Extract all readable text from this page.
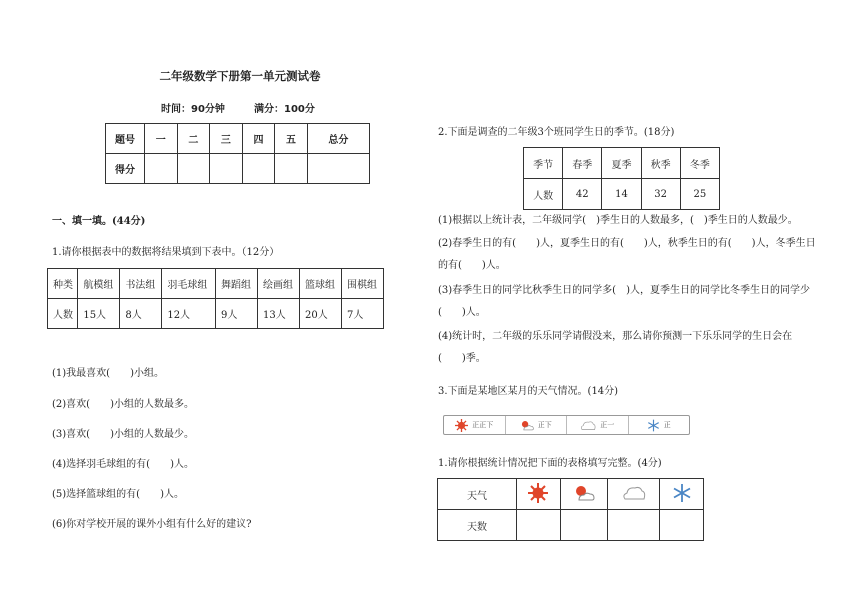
二年级数学下册第一单元测试卷
时间：90分钟	满分：100分
题号	一	二	三	四	五	总分
得分						
一、填一填。(44分)
1.请你根据表中的数据将结果填到下表中。（12分）
种类	航模组	书法组	羽毛球组	舞蹈组	绘画组	篮球组	围棋组
人数	15人	8人	12人	9人	13人	20人	7人
(1)我最喜欢(　　)小组。
(2)喜欢(　　)小组的人数最多。
(3)喜欢(　　)小组的人数最少。
(4)选择羽毛球组的有(　　)人。
(5)选择篮球组的有(　　)人。
(6)你对学校开展的课外小组有什么好的建议?
2.下面是调查的二年级3个班同学生日的季节。(18分)
季节	春季	夏季	秋季	冬季
人数	42	14	32	25
(1)根据以上统计表，二年级同学(　)季生日的人数最多，(　)季生日的人数最少。
(2)春季生日的有(　　)人，夏季生日的有(　　)人，秋季生日的有(　　)人，冬季生日的有(　　)人。
(3)春季生日的同学比秋季生日的同学多(　)人，夏季生日的同学比冬季生日的同学少(　　)人。
(4)统计时，二年级的乐乐同学请假没来，那么请你预测一下乐乐同学的生日会在(　　)季。
3.下面是某地区某月的天气情况。(14分)
正正下	正下	正一	正
1.请你根据统计情况把下面的表格填写完整。(4分)
天气	

天数				
